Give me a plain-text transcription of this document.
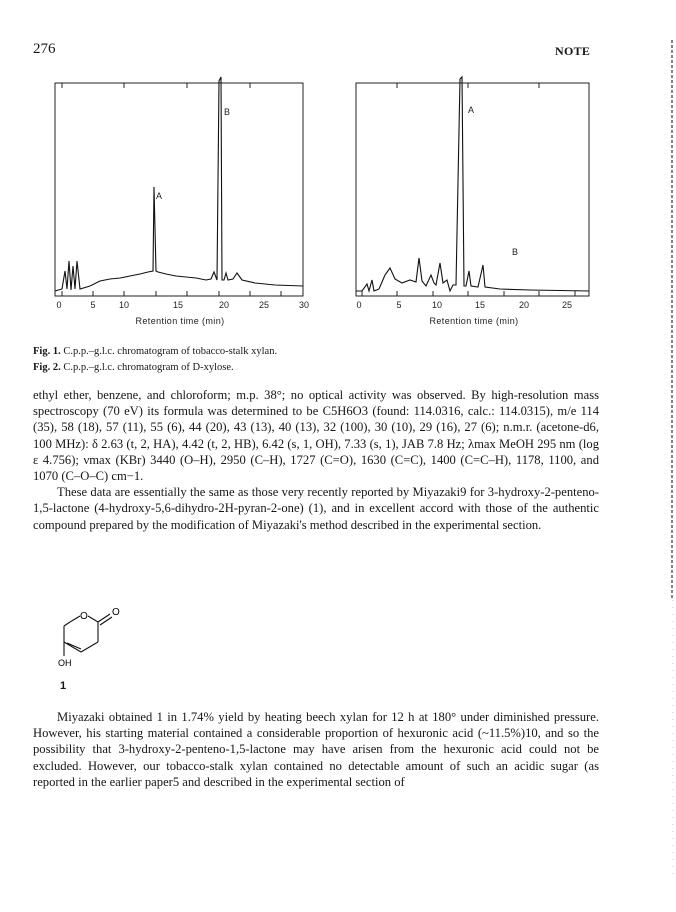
276	NOTE
A
B
0	5	10	15	20	25	30
Retention time (min)
A
B
0	5	10	15	20	25
Retention time (min)
Fig. 1. C.p.p.–g.l.c. chromatogram of tobacco-stalk xylan.
Fig. 2. C.p.p.–g.l.c. chromatogram of D-xylose.

ethyl ether, benzene, and chloroform; m.p. 38°; no optical activity was observed. By high-resolution mass spectroscopy (70 eV) its formula was determined to be C5H6O3 (found: 114.0316, calc.: 114.0315), m/e 114 (35), 58 (18), 57 (11), 55 (6), 44 (20), 43 (13), 40 (13), 32 (100), 30 (10), 29 (16), 27 (6); n.m.r. (acetone-d6, 100 MHz): δ 2.63 (t, 2, HA), 4.42 (t, 2, HB), 6.42 (s, 1, OH), 7.33 (s, 1), JAB 7.8 Hz; λmax MeOH 295 nm (log ε 4.756); νmax (KBr) 3440 (O–H), 2950 (C–H), 1727 (C=O), 1630 (C=C), 1400 (C=C–H), 1178, 1100, and 1070 (C–O–C) cm−1.

These data are essentially the same as those very recently reported by Miyazaki9 for 3-hydroxy-2-penteno-1,5-lactone (4-hydroxy-5,6-dihydro-2H-pyran-2-one) (1), and in excellent accord with those of the authentic compound prepared by the modification of Miyazaki's method described in the experimental section.

O O
OH
1

Miyazaki obtained 1 in 1.74% yield by heating beech xylan for 12 h at 180° under diminished pressure. However, his starting material contained a considerable proportion of hexuronic acid (~11.5%)10, and so the possibility that 3-hydroxy-2-penteno-1,5-lactone may have arisen from the hexuronic acid could not be excluded. However, our tobacco-stalk xylan contained no detectable amount of such an acidic sugar (as reported in the earlier paper5 and described in the experimental section of
